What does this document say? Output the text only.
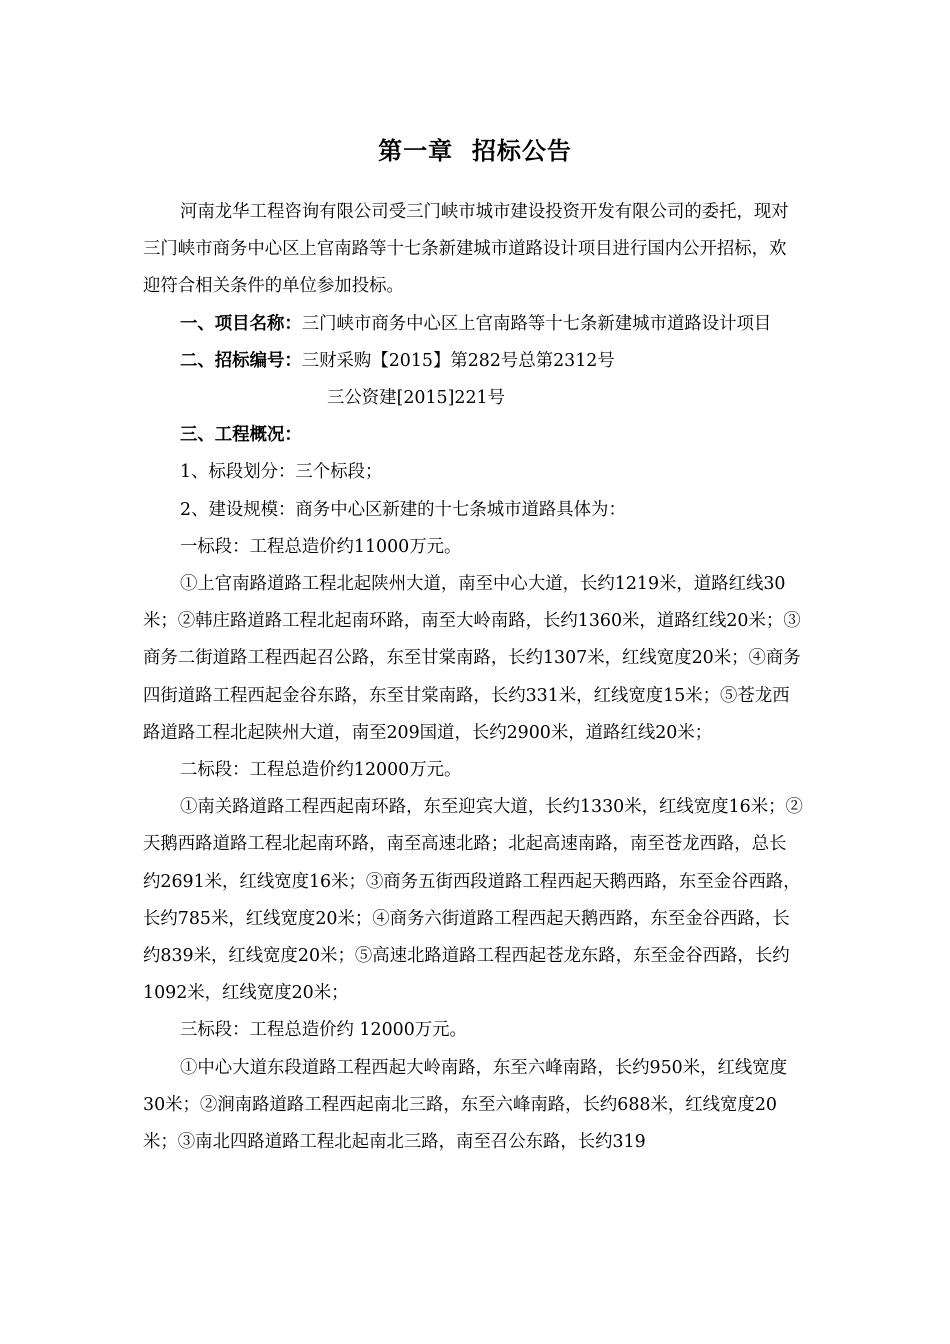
第一章  招标公告

河南龙华工程咨询有限公司受三门峡市城市建设投资开发有限公司的委托，现对三门峡市商务中心区上官南路等十七条新建城市道路设计项目进行国内公开招标，欢迎符合相关条件的单位参加投标。

一、项目名称：三门峡市商务中心区上官南路等十七条新建城市道路设计项目

二、招标编号：三财采购【2015】第282号总第2312号

三公资建[2015]221号

三、工程概况：

1、标段划分：三个标段；

2、建设规模：商务中心区新建的十七条城市道路具体为：

一标段：工程总造价约11000万元。

①上官南路道路工程北起陕州大道，南至中心大道，长约1219米，道路红线30米；②韩庄路道路工程北起南环路，南至大岭南路，长约1360米，道路红线20米；③商务二街道路工程西起召公路，东至甘棠南路，长约1307米，红线宽度20米；④商务四街道路工程西起金谷东路，东至甘棠南路，长约331米，红线宽度15米；⑤苍龙西路道路工程北起陕州大道，南至209国道，长约2900米，道路红线20米；

二标段：工程总造价约12000万元。

①南关路道路工程西起南环路，东至迎宾大道，长约1330米，红线宽度16米；②天鹅西路道路工程北起南环路，南至高速北路；北起高速南路，南至苍龙西路，总长约2691米，红线宽度16米；③商务五街西段道路工程西起天鹅西路，东至金谷西路，长约785米，红线宽度20米；④商务六街道路工程西起天鹅西路，东至金谷西路，长约839米，红线宽度20米；⑤高速北路道路工程西起苍龙东路，东至金谷西路，长约1092米，红线宽度20米；

三标段：工程总造价约 12000万元。

①中心大道东段道路工程西起大岭南路，东至六峰南路，长约950米，红线宽度30米；②涧南路道路工程西起南北三路，东至六峰南路，长约688米，红线宽度20米；③南北四路道路工程北起南北三路，南至召公东路，长约319
